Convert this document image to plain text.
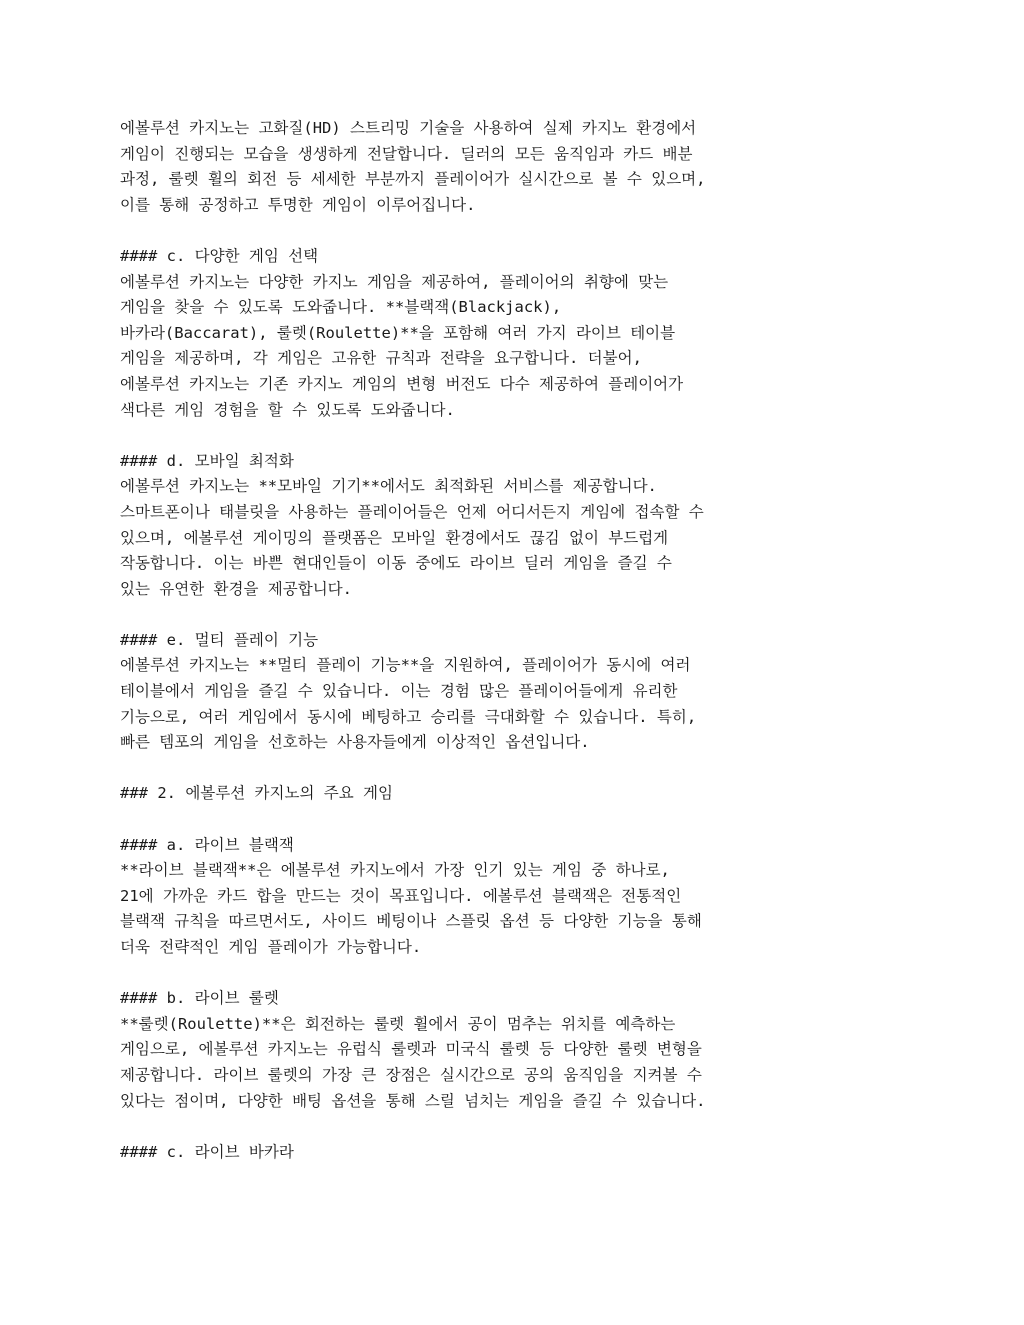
에볼루션 카지노는 고화질(HD) 스트리밍 기술을 사용하여 실제 카지노 환경에서
게임이 진행되는 모습을 생생하게 전달합니다. 딜러의 모든 움직임과 카드 배분
과정, 룰렛 휠의 회전 등 세세한 부분까지 플레이어가 실시간으로 볼 수 있으며,
이를 통해 공정하고 투명한 게임이 이루어집니다.
#### c. 다양한 게임 선택
에볼루션 카지노는 다양한 카지노 게임을 제공하여, 플레이어의 취향에 맞는
게임을 찾을 수 있도록 도와줍니다. **블랙잭(Blackjack),
바카라(Baccarat), 룰렛(Roulette)**을 포함해 여러 가지 라이브 테이블
게임을 제공하며, 각 게임은 고유한 규칙과 전략을 요구합니다. 더불어,
에볼루션 카지노는 기존 카지노 게임의 변형 버전도 다수 제공하여 플레이어가
색다른 게임 경험을 할 수 있도록 도와줍니다.
#### d. 모바일 최적화
에볼루션 카지노는 **모바일 기기**에서도 최적화된 서비스를 제공합니다.
스마트폰이나 태블릿을 사용하는 플레이어들은 언제 어디서든지 게임에 접속할 수
있으며, 에볼루션 게이밍의 플랫폼은 모바일 환경에서도 끊김 없이 부드럽게
작동합니다. 이는 바쁜 현대인들이 이동 중에도 라이브 딜러 게임을 즐길 수
있는 유연한 환경을 제공합니다.
#### e. 멀티 플레이 기능
에볼루션 카지노는 **멀티 플레이 기능**을 지원하여, 플레이어가 동시에 여러
테이블에서 게임을 즐길 수 있습니다. 이는 경험 많은 플레이어들에게 유리한
기능으로, 여러 게임에서 동시에 베팅하고 승리를 극대화할 수 있습니다. 특히,
빠른 템포의 게임을 선호하는 사용자들에게 이상적인 옵션입니다.
### 2. 에볼루션 카지노의 주요 게임
#### a. 라이브 블랙잭
**라이브 블랙잭**은 에볼루션 카지노에서 가장 인기 있는 게임 중 하나로,
21에 가까운 카드 합을 만드는 것이 목표입니다. 에볼루션 블랙잭은 전통적인
블랙잭 규칙을 따르면서도, 사이드 베팅이나 스플릿 옵션 등 다양한 기능을 통해
더욱 전략적인 게임 플레이가 가능합니다.
#### b. 라이브 룰렛
**룰렛(Roulette)**은 회전하는 룰렛 휠에서 공이 멈추는 위치를 예측하는
게임으로, 에볼루션 카지노는 유럽식 룰렛과 미국식 룰렛 등 다양한 룰렛 변형을
제공합니다. 라이브 룰렛의 가장 큰 장점은 실시간으로 공의 움직임을 지켜볼 수
있다는 점이며, 다양한 배팅 옵션을 통해 스릴 넘치는 게임을 즐길 수 있습니다.
#### c. 라이브 바카라
